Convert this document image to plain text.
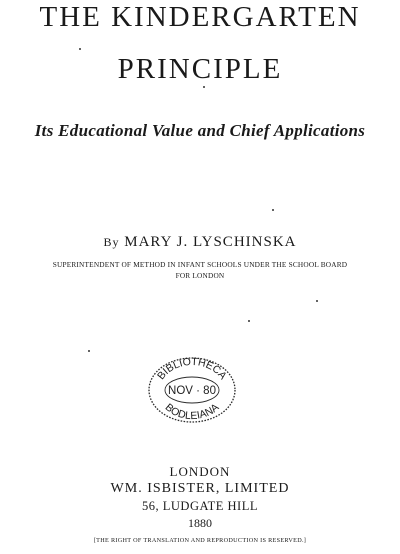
THE KINDERGARTEN
PRINCIPLE
Its Educational Value and Chief Applications
By MARY J. LYSCHINSKA
SUPERINTENDENT OF METHOD IN INFANT SCHOOLS UNDER THE SCHOOL BOARD
FOR LONDON
BIBLIOTHECA
BODLEIANA
NOV · 80
LONDON
WM. ISBISTER, LIMITED
56, LUDGATE HILL
1880
[THE RIGHT OF TRANSLATION AND REPRODUCTION IS RESERVED.]
